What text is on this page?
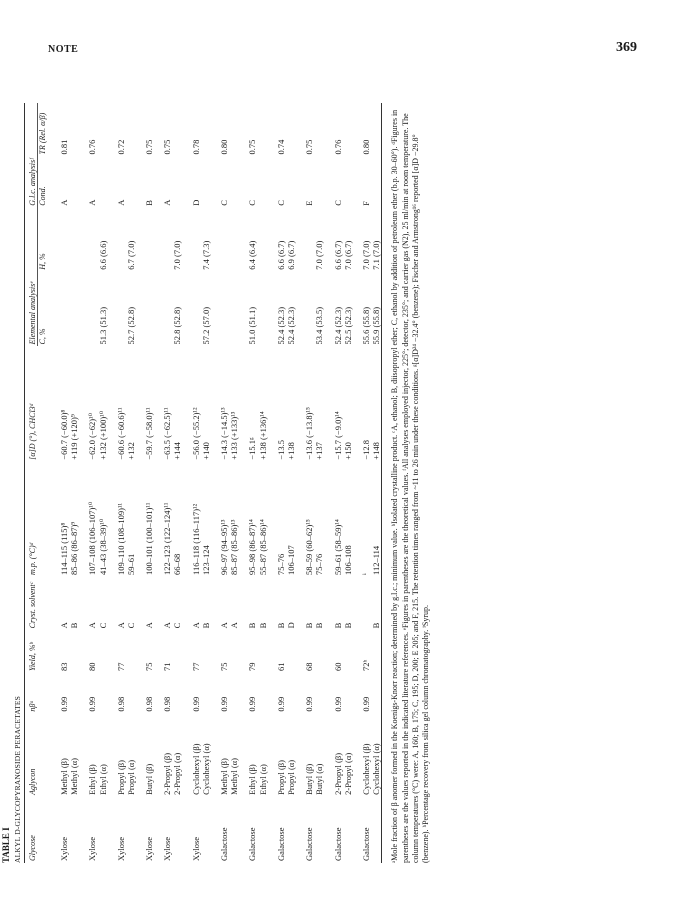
NOTE	369
TABLE I ALKYL D-GLYCOPYRANOSIDE PERACETATES Glycose	Aglycon	nβᵃ	Yield, %ᵇ	Cryst. solventᶜ	m.p. (°C)ᵈ	[α]D (°), CHCl3ᵈ	Elemental analysisᵉ		G.l.c. analysisᶠ	
							C, %	H, %	Cond.	TR (Rel. α/β)
Xylose	Methyl (β)	0.99	83	A	114–115 (115)⁸	−60.7 (−60.0)⁸			A	0.81
	Methyl (α)			B	85–86 (86–87)⁹	+119 (+120)⁹				
Xylose	Ethyl (β)	0.99	80	A	107–108 (106–107)¹⁰	−62.0 (−62)¹⁰			A	0.76
	Ethyl (α)			C	41–43 (38–39)¹⁰	+132 (+100)¹⁰	51.3 (51.3)	6.6 (6.6)		
Xylose	Propyl (β)	0.98	77	A	109–110 (108–109)¹¹	−60.6 (−60.6)¹¹			A	0.72
	Propyl (α)			C	59–61	+132	52.7 (52.8)	6.7 (7.0)		
Xylose	Butyl (β)	0.98	75	A	100–101 (100–101)¹¹	−59.7 (−58.0)¹¹			B	0.75
Xylose	2-Propyl (β)	0.98	71	A	122–123 (122–124)¹¹	−63.5 (−62.5)¹¹			A	0.75
	2-Propyl (α)			C	66–68	+144	52.8 (52.8)	7.0 (7.0)		
Xylose	Cyclohexyl (β)	0.99	77	A	116–118 (116–117)¹²	−56.0 (−55.2)¹²			D	0.78
	Cyclohexyl (α)			B	123–124	+140	57.2 (57.0)	7.4 (7.3)		
Galactose	Methyl (β)	0.99	75	A	96–97 (94–95)¹³	−14.3 (−14.5)¹³			C	0.80
	Methyl (α)			A	85–87 (85–86)¹³	+133 (+133)¹³				
Galactose	Ethyl (β)	0.99	79	B	95–98 (86–87)¹⁴	−15.1ᵍ	51.0 (51.1)	6.4 (6.4)	C	0.75
	Ethyl (α)			B	55–87 (85–86)¹⁴	+138 (+136)¹⁴				
Galactose	Propyl (β)	0.99	61	B	75–76	−13.5	52.4 (52.3)	6.6 (6.7)	C	0.74
	Propyl (α)			D	106–107	+138	52.4 (52.3)	6.9 (6.7)		
Galactose	Butyl (β)	0.99	68	B	58–59 (60–62)¹⁵	−13.6 (−13.8)¹⁵			E	0.75
	Butyl (α)			B	75–76	+137	53.4 (53.5)	7.0 (7.0)		
Galactose	2-Propyl (β)	0.99	60	B	59–61 (58–59)¹⁴	−15.7 (−9.0)¹⁴	52.4 (52.3)	6.6 (6.7)	C	0.76
	2-Propyl (α)			B	106–108	+150	52.5 (52.3)	7.0 (6.7)		
Galactose	Cyclohexyl (β)	0.99	72ʰ		ⁱ	−12.8	55.6 (55.8)	7.0 (7.0)	F	0.80
	Cyclohexyl (α)			B	112–114	+148	55.9 (55.8)	7.1 (7.0)		ᵃMole fraction of β anomer formed in the Koenigs-Knorr reaction; determined by g.l.c.; minimum value. ᵇIsolated crystalline product. ᶜA, ethanol; B, diisopropyl ether; C, ethanol by addition of petroleum ether (b.p. 30–60°). ᵈFigures in parentheses are the values reported in the indicated literature references. ᵉFigures in parentheses are the theoretical values. ᶠAll analyses employed injector, 225°; detector, 235°; and carrier gas (N2), 25 ml/min at room temperature. The column temperatures (°C) were: A, 160; B, 175; C, 195; D, 200; E 205; and F, 215. The retention times ranged from ~11 to 26 min under these conditions. ᵍ[α]D²⁴ −32.4° (benzene); Fischer and Armstrong¹⁶ reported [α]D −29.8° (benzene). ʰPercentage recovery from silica gel column chromatography. ⁱSyrup.
